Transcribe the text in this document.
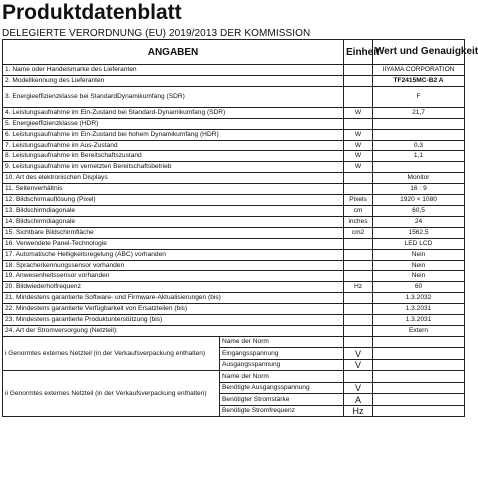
Produktdatenblatt
DELEGIERTE VERORDNUNG (EU) 2019/2013 DER KOMMISSION
ANGABEN		Einheit	Wert und Genauigkeit
1. Name oder Handelsmarke des Lieferanten			IIYAMA CORPORATION
2. Modellkennung des Lieferanten			TF2415MC-B2 A
3. Energieeffizienzklasse bei StandardDynamikumfang (SDR)			F
4. Leistungsaufnahme im Ein-Zustand bei Standard-Dynamikumfang (SDR)		W	21,7
5. Energieeffizienzklasse (HDR)			
6. Leistungsaufnahme im Ein-Zustand bei hohem Dynamikumfang (HDR)		W	
7. Leistungsaufnahme im Aus-Zustand		W	0,3
8. Leistungsaufnahme im Bereitschaftszustand		W	1,1
9. Leistungsaufnahme im vernetzten Bereitschaftsbetrieb		W	
10. Art des elektronischen Displays			Monitor
11. Seitenverhältnis			16 : 9
12. Bildschirmauflösung (Pixel)		Pixels	1920 × 1080
13. Bildschirmdiagonale		cm	60,5
14. Bildschirmdiagonale		inches	24
15. Sichtbare Bildschirmfläche		cm2	1562,5
16. Verwendete Panel-Technologie			LED LCD
17. Automatische Helligkeitsregelung (ABC) vorhanden			Nein
18. Spracherkennungssensor vorhanden			Nein
19. Anwesenheitssensor vorhanden			Nein
20. Bildwiederholfrequenz		Hz	60
21. Mindestens garantierte Software- und Firmware-Aktualisierungen (bis)			1.3.2032
22. Mindestens garantierte Verfügbarkeit von Ersatzteilen (bis)			1.3.2031
23. Mindestens garantierte Produktunterstützung (bis)			1.3.2031
24. Art der Stromversorgung (Netzteil):			Extern
i Genormtes externes Netzteil (in der Verkaufsverpackung enthalten)	Name der Norm		
	Eingangsspannung	V	
	Ausgangsspannung	V	
ii Genormtes externes Netzteil (in der Verkaufsverpackung enthalten)	Name der Norm		
	Benötigte Ausgangsspannung	V	
	Benötigter Stromstärke	A	
	Benötigte Stromfrequenz	Hz	
